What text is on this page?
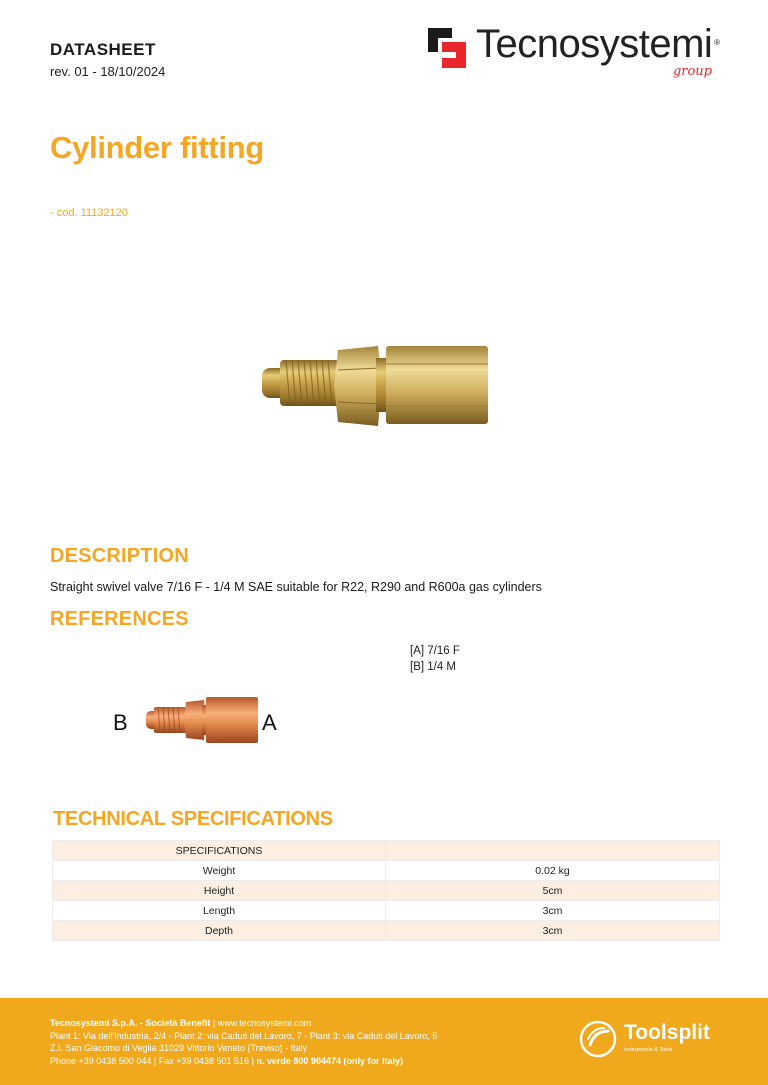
DATASHEET
rev. 01 - 18/10/2024
Tecnosystemi ®
group
Cylinder fitting
- cod. 11132120
DESCRIPTION
Straight swivel valve 7/16 F - 1/4 M SAE suitable for R22, R290 and R600a gas cylinders
REFERENCES
[A] 7/16 F
[B] 1/4 M
B	A
TECHNICAL SPECIFICATIONS
SPECIFICATIONS	
Weight	0.02 kg
Height	5cm
Length	3cm
Depth	3cm
Tecnosystemi S.p.A. - Società Benefit | www.tecnosystemi.com
Plant 1: Via dell'Industria, 2/4 - Plant 2: via Caduti del Lavoro, 7 - Plant 3: via Caduti del Lavoro, 5
Z.I. San Giacomo di Veglia 31029 Vittorio Veneto (Treviso) - Italy
Phone +39 0438 500 044 | Fax +39 0438 501 516 | n. verde 800 904474 (only for Italy)
Toolsplit
Instruments & Tools
